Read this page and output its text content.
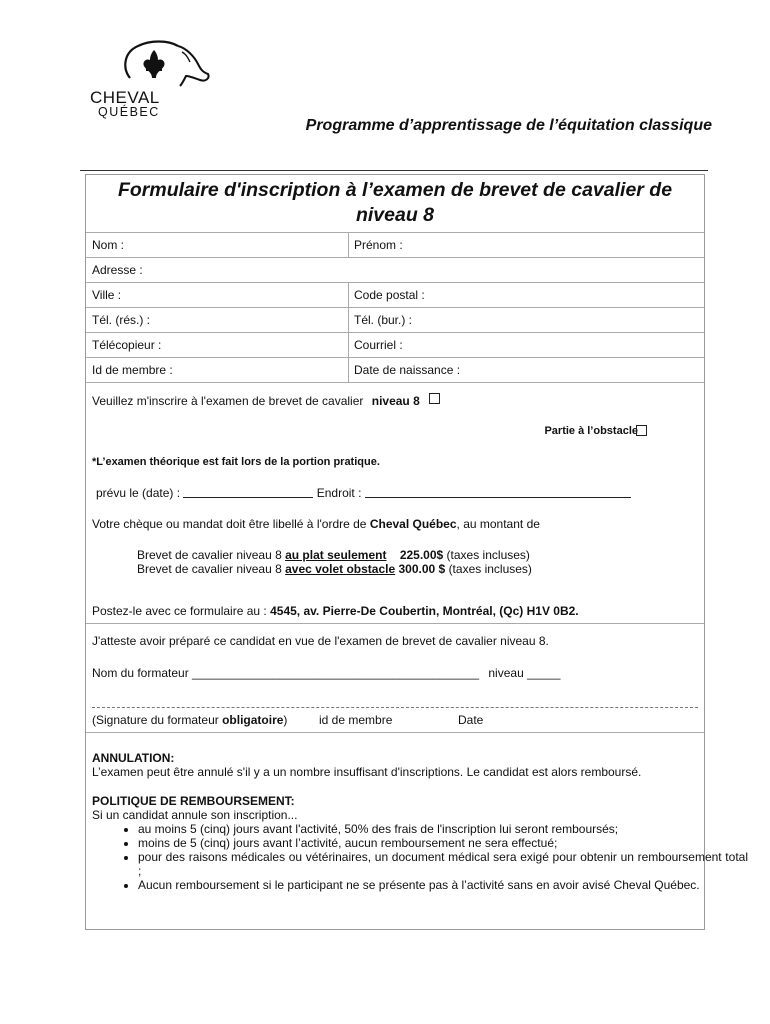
CHEVAL
QUÉBEC
Programme d’apprentissage de l’équitation classique
Formulaire d'inscription à l’examen de brevet de cavalier de
niveau 8
Nom :	Prénom :
Adresse :
Ville :	Code postal :
Tél. (rés.) :	Tél. (bur.) :
Télécopieur :	Courriel :
Id de membre :	Date de naissance :
Veuillez m'inscrire à l'examen de brevet de cavalier niveau 8
Partie à l’obstacle
*L’examen théorique est fait lors de la portion pratique.
prévu le (date) :	Endroit :
Votre chèque ou mandat doit être libellé à l'ordre de Cheval Québec, au montant de
Brevet de cavalier niveau 8 au plat seulement 225.00$ (taxes incluses)
Brevet de cavalier niveau 8 avec volet obstacle 300.00 $ (taxes incluses)
Postez-le avec ce formulaire au : 4545, av. Pierre-De Coubertin, Montréal, (Qc) H1V 0B2.
J'atteste avoir préparé ce candidat en vue de l'examen de brevet de cavalier niveau 8.
Nom du formateur ___________________________________________ niveau _____
(Signature du formateur obligatoire)	id de membre	Date
ANNULATION:
L’examen peut être annulé s'il y a un nombre insuffisant d'inscriptions. Le candidat est alors remboursé.
POLITIQUE DE REMBOURSEMENT:
Si un candidat annule son inscription...
• au moins 5 (cinq) jours avant l'activité, 50% des frais de l'inscription lui seront remboursés;
• moins de 5 (cinq) jours avant l’activité, aucun remboursement ne sera effectué;
• pour des raisons médicales ou vétérinaires, un document médical sera exigé pour obtenir un remboursement total ;
• Aucun remboursement si le participant ne se présente pas à l’activité sans en avoir avisé Cheval Québec.
